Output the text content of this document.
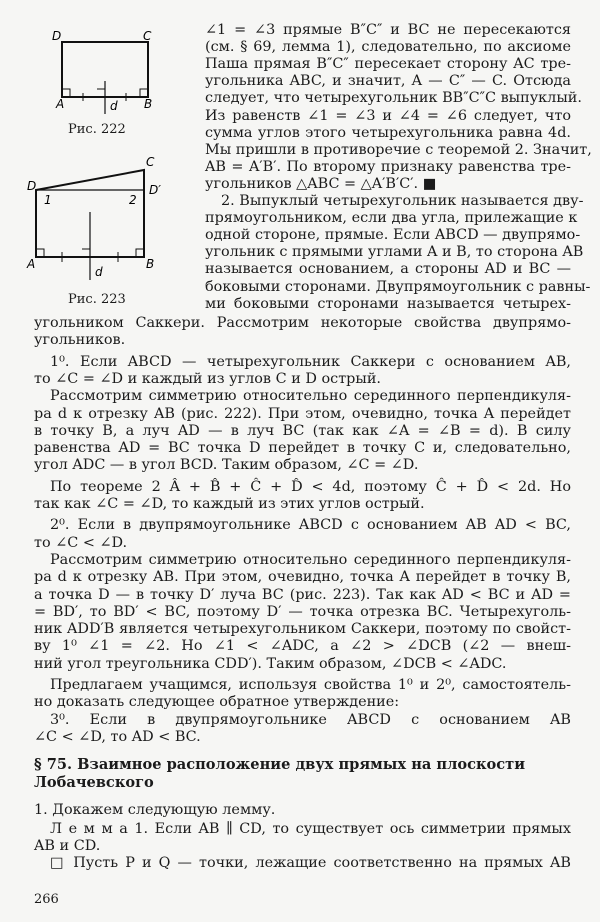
D	C
A	B
d
Рис. 222
D
C
D′
A	B
d
1	2
Рис. 223
∠1 = ∠3 прямые B″C″ и BC не пересекаются
(см. § 69, лемма 1), следовательно, по аксиоме
Паша прямая B″C″ пересекает сторону AC тре-
угольника ABC, и значит, A — C″ — C. Отсюда
следует, что четырехугольник BB″C″C выпуклый.
Из равенств ∠1 = ∠3 и ∠4 = ∠6 следует, что
сумма углов этого четырехугольника равна 4d.
Мы пришли в противоречие с теоремой 2. Значит,
AB = A′B′. По второму признаку равенства тре-
угольников △ABC = △A′B′C′. ■
2. Выпуклый четырехугольник называется дву-
прямоугольником, если два угла, прилежащие к
одной стороне, прямые. Если ABCD — двупрямо-
угольник с прямыми углами A и B, то сторона AB
называется основанием, а стороны AD и BC —
боковыми сторонами. Двупрямоугольник с равны-
ми боковыми сторонами называется четырех-
угольником Саккери. Рассмотрим некоторые свойства двупрямо-
угольников.
1⁰. Если ABCD — четырехугольник Саккери с основанием AB,
то ∠C = ∠D и каждый из углов C и D острый.
Рассмотрим симметрию относительно серединного перпендикуля-
ра d к отрезку AB (рис. 222). При этом, очевидно, точка A перейдет
в точку B, а луч AD — в луч BC (так как ∠A = ∠B = d). В силу
равенства AD = BC точка D перейдет в точку C и, следовательно,
угол ADC — в угол BCD. Таким образом, ∠C = ∠D.
По теореме 2 Â + B̂ + Ĉ + D̂ < 4d, поэтому Ĉ + D̂ < 2d. Но
так как ∠C = ∠D, то каждый из этих углов острый.
2⁰. Если в двупрямоугольнике ABCD с основанием AB AD < BC,
то ∠C < ∠D.
Рассмотрим симметрию относительно серединного перпендикуля-
ра d к отрезку AB. При этом, очевидно, точка A перейдет в точку B,
а точка D — в точку D′ луча BC (рис. 223). Так как AD < BC и AD =
= BD′, то BD′ < BC, поэтому D′ — точка отрезка BC. Четырехуголь-
ник ADD′B является четырехугольником Саккери, поэтому по свойст-
ву 1⁰ ∠1 = ∠2. Но ∠1 < ∠ADC, а ∠2 > ∠DCB (∠2 — внеш-
ний угол треугольника CDD′). Таким образом, ∠DCB < ∠ADC.
Предлагаем учащимся, используя свойства 1⁰ и 2⁰, самостоятель-
но доказать следующее обратное утверждение:
3⁰. Если в двупрямоугольнике ABCD с основанием AB
∠C < ∠D, то AD < BC.
§ 75. Взаимное расположение двух прямых на плоскости
Лобачевского
1. Докажем следующую лемму.
Л е м м а 1. Если AB ∥ CD, то существует ось симметрии прямых
AB и CD.
□ Пусть P и Q — точки, лежащие соответственно на прямых AB
266
